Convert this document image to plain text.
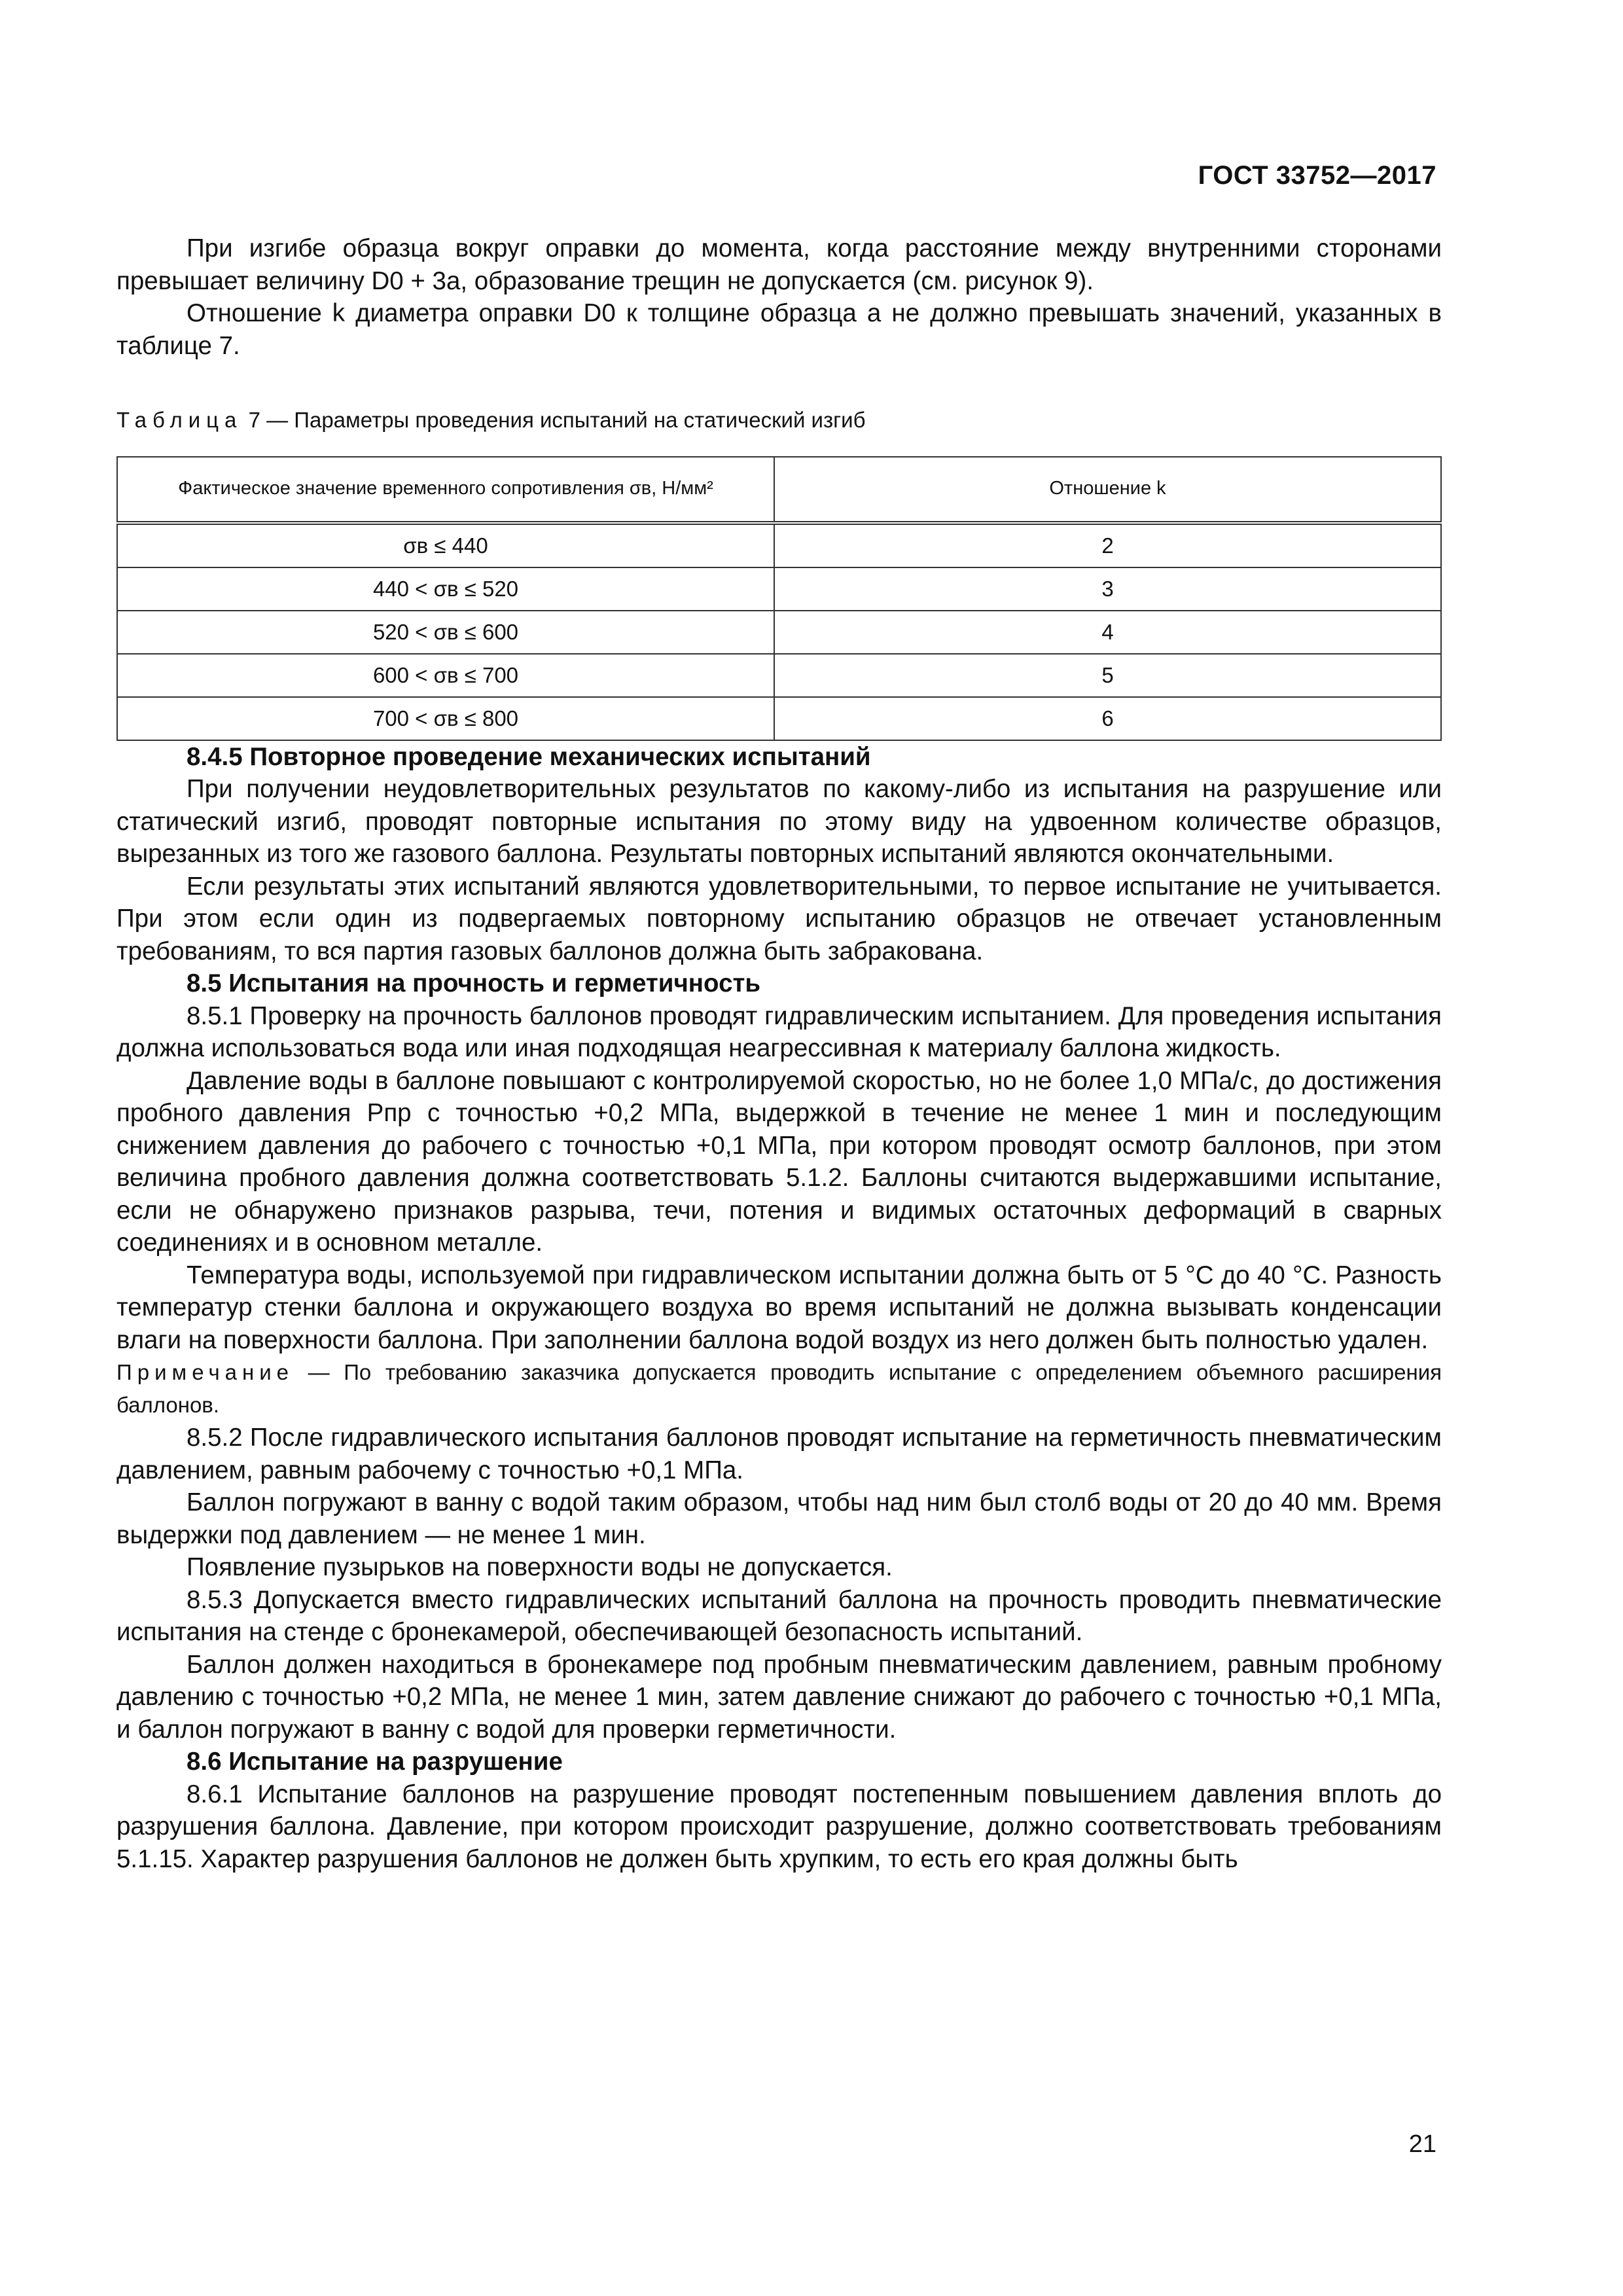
ГОСТ 33752—2017

При изгибе образца вокруг оправки до момента, когда расстояние между внутренними сторонами превышает величину D0 + 3a, образование трещин не допускается (см. рисунок 9).

Отношение k диаметра оправки D0 к толщине образца a не должно превышать значений, указанных в таблице 7.

Таблица 7 — Параметры проведения испытаний на статический изгиб
Фактическое значение временного сопротивления σв, Н/мм²	Отношение k
σв ≤ 440	2
440 < σв ≤ 520	3
520 < σв ≤ 600	4
600 < σв ≤ 700	5
700 < σв ≤ 800	6

8.4.5 Повторное проведение механических испытаний

При получении неудовлетворительных результатов по какому-либо из испытания на разрушение или статический изгиб, проводят повторные испытания по этому виду на удвоенном количестве образцов, вырезанных из того же газового баллона. Результаты повторных испытаний являются окончательными.

Если результаты этих испытаний являются удовлетворительными, то первое испытание не учитывается. При этом если один из подвергаемых повторному испытанию образцов не отвечает установленным требованиям, то вся партия газовых баллонов должна быть забракована.

8.5 Испытания на прочность и герметичность

8.5.1 Проверку на прочность баллонов проводят гидравлическим испытанием. Для проведения испытания должна использоваться вода или иная подходящая неагрессивная к материалу баллона жидкость.

Давление воды в баллоне повышают с контролируемой скоростью, но не более 1,0 МПа/с, до достижения пробного давления Pпр с точностью +0,2 МПа, выдержкой в течение не менее 1 мин и последующим снижением давления до рабочего с точностью +0,1 МПа, при котором проводят осмотр баллонов, при этом величина пробного давления должна соответствовать 5.1.2. Баллоны считаются выдержавшими испытание, если не обнаружено признаков разрыва, течи, потения и видимых остаточных деформаций в сварных соединениях и в основном металле.

Температура воды, используемой при гидравлическом испытании должна быть от 5 °С до 40 °С. Разность температур стенки баллона и окружающего воздуха во время испытаний не должна вызывать конденсации влаги на поверхности баллона. При заполнении баллона водой воздух из него должен быть полностью удален.

Примечание — По требованию заказчика допускается проводить испытание с определением объемного расширения баллонов.

8.5.2 После гидравлического испытания баллонов проводят испытание на герметичность пневматическим давлением, равным рабочему с точностью +0,1 МПа.

Баллон погружают в ванну с водой таким образом, чтобы над ним был столб воды от 20 до 40 мм. Время выдержки под давлением — не менее 1 мин.

Появление пузырьков на поверхности воды не допускается.

8.5.3 Допускается вместо гидравлических испытаний баллона на прочность проводить пневматические испытания на стенде с бронекамерой, обеспечивающей безопасность испытаний.

Баллон должен находиться в бронекамере под пробным пневматическим давлением, равным пробному давлению с точностью +0,2 МПа, не менее 1 мин, затем давление снижают до рабочего с точностью +0,1 МПа, и баллон погружают в ванну с водой для проверки герметичности.

8.6 Испытание на разрушение

8.6.1 Испытание баллонов на разрушение проводят постепенным повышением давления вплоть до разрушения баллона. Давление, при котором происходит разрушение, должно соответствовать требованиям 5.1.15. Характер разрушения баллонов не должен быть хрупким, то есть его края должны быть

21
